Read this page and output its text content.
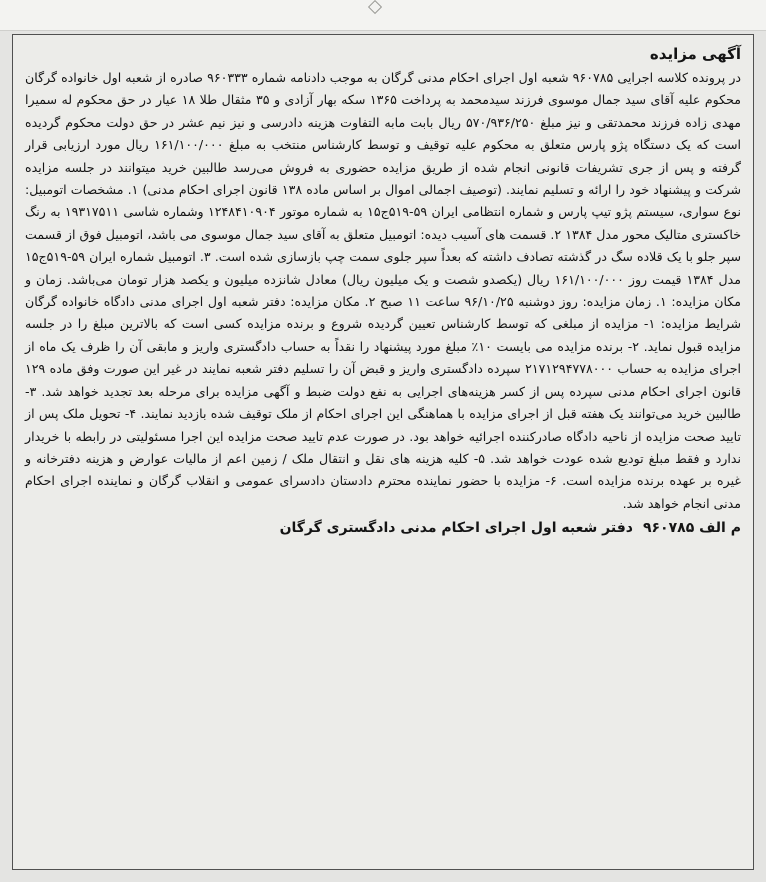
آگهی مزایده

در پرونده کلاسه اجرایی ۹۶۰۷۸۵ شعبه اول اجرای احکام مدنی گرگان به موجب دادنامه شماره ۹۶۰۳۳۳ صادره از شعبه اول خانواده گرگان محکوم علیه آقای سید جمال موسوی فرزند سیدمحمد به پرداخت ۱۳۶۵ سکه بهار آزادی و ۳۵ مثقال طلا ۱۸ عیار در حق محکوم له سمیرا مهدی زاده فرزند محمدتقی و نیز مبلغ ۵۷۰/۹۳۶/۲۵۰ ریال بابت مابه التفاوت هزینه دادرسی و نیز نیم عشر در حق دولت محکوم گردیده است که یک دستگاه پژو پارس متعلق به محکوم علیه توقیف و توسط کارشناس منتخب به مبلغ ۱۶۱/۱۰۰/۰۰۰ ریال مورد ارزیابی قرار گرفته و پس از جری تشریفات قانونی انجام شده از طریق مزایده حضوری به فروش می‌رسد طالبین خرید میتوانند در جلسه مزایده شرکت و پیشنهاد خود را ارائه و تسلیم نمایند. (توصیف اجمالی اموال بر اساس ماده ۱۳۸ قانون اجرای احکام مدنی) ۱. مشخصات اتومبیل: نوع سواری، سیستم پژو تیپ پارس و شماره انتظامی ایران ۵۹-۵۱۹ج۱۵ به شماره موتور ۱۲۴۸۴۱۰۹۰۴ وشماره شاسی ۱۹۳۱۷۵۱۱ به رنگ خاکستری متالیک محور مدل ۱۳۸۴ ۲. قسمت های آسیب دیده: اتومبیل متعلق به آقای سید جمال موسوی می باشد، اتومبیل فوق از قسمت سپر جلو با یک قلاده سگ در گذشته تصادف داشته که بعداً سپر جلوی سمت چپ بازسازی شده است. ۳. اتومبیل شماره ایران ۵۹-۵۱۹ج۱۵ مدل ۱۳۸۴ قیمت روز ۱۶۱/۱۰۰/۰۰۰ ریال (یکصدو شصت و یک میلیون ریال) معادل شانزده میلیون و یکصد هزار تومان می‌باشد. زمان و مکان مزایده: ۱. زمان مزایده: روز دوشنبه ۹۶/۱۰/۲۵ ساعت ۱۱ صبح ۲. مکان مزایده: دفتر شعبه اول اجرای مدنی دادگاه خانواده گرگان شرایط مزایده: ۱- مزایده از مبلغی که توسط کارشناس تعیین گردیده شروع و برنده مزایده کسی است که بالاترین مبلغ را در جلسه مزایده قبول نماید. ۲- برنده مزایده می بایست ۱۰٪ مبلغ مورد پیشنهاد را نقداً به حساب دادگستری واریز و مابقی آن را ظرف یک ماه از اجرای مزایده به حساب ۲۱۷۱۲۹۴۷۷۸۰۰۰ سپرده دادگستری واریز و قبض آن را تسلیم دفتر شعبه نمایند در غیر این صورت وفق ماده ۱۲۹ قانون اجرای احکام مدنی سپرده پس از کسر هزینه‌های اجرایی به نفع دولت ضبط و آگهی مزایده برای مرحله بعد تجدید خواهد شد. ۳- طالبین خرید می‌توانند یک هفته قبل از اجرای مزایده با هماهنگی این اجرای احکام از ملک توقیف شده بازدید نمایند. ۴- تحویل ملک پس از تایید صحت مزایده از ناحیه دادگاه صادرکننده اجرائیه خواهد بود. در صورت عدم تایید صحت مزایده این اجرا مسئولیتی در رابطه با خریدار ندارد و فقط مبلغ تودیع شده عودت خواهد شد. ۵- کلیه هزینه های نقل و انتقال ملک / زمین اعم از مالیات عوارض و هزینه دفترخانه و غیره بر عهده برنده مزایده است. ۶- مزایده با حضور نماینده محترم دادستان دادسرای عمومی و انقلاب گرگان و نماینده اجرای احکام مدنی انجام خواهد شد.

م الف ۹۶۰۷۸۵دفتر شعبه اول اجرای احکام مدنی دادگستری گرگان
